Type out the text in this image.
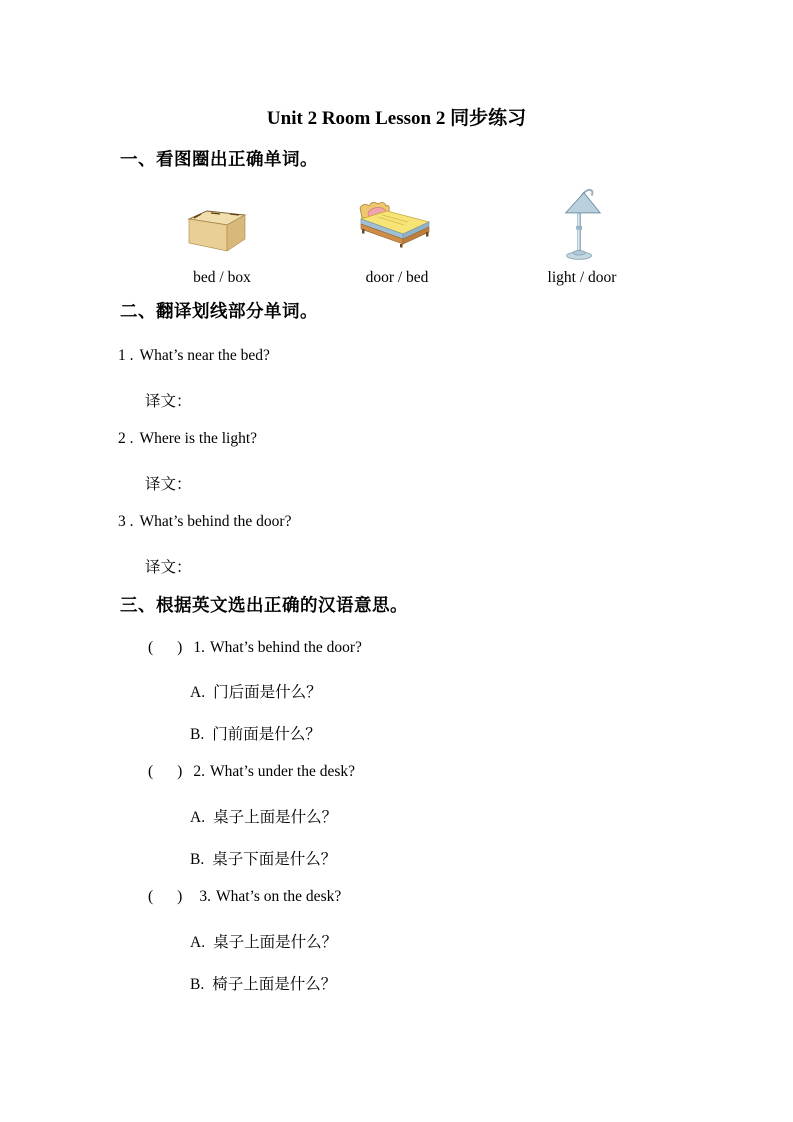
Unit 2 Room Lesson 2 同步练习
一、看图圈出正确单词。
bed / box	door / bed	light / door
二、翻译划线部分单词。
1 . What’s near the bed?
译文：
2 . Where is the light?
译文：
3 . What’s behind the door?
译文：
三、根据英文选出正确的汉语意思。
( ) 1. What’s behind the door?
A. 门后面是什么？
B. 门前面是什么？
( ) 2. What’s under the desk?
A. 桌子上面是什么？
B. 桌子下面是什么？
( ) 3. What’s on the desk?
A. 桌子上面是什么？
B. 椅子上面是什么？
